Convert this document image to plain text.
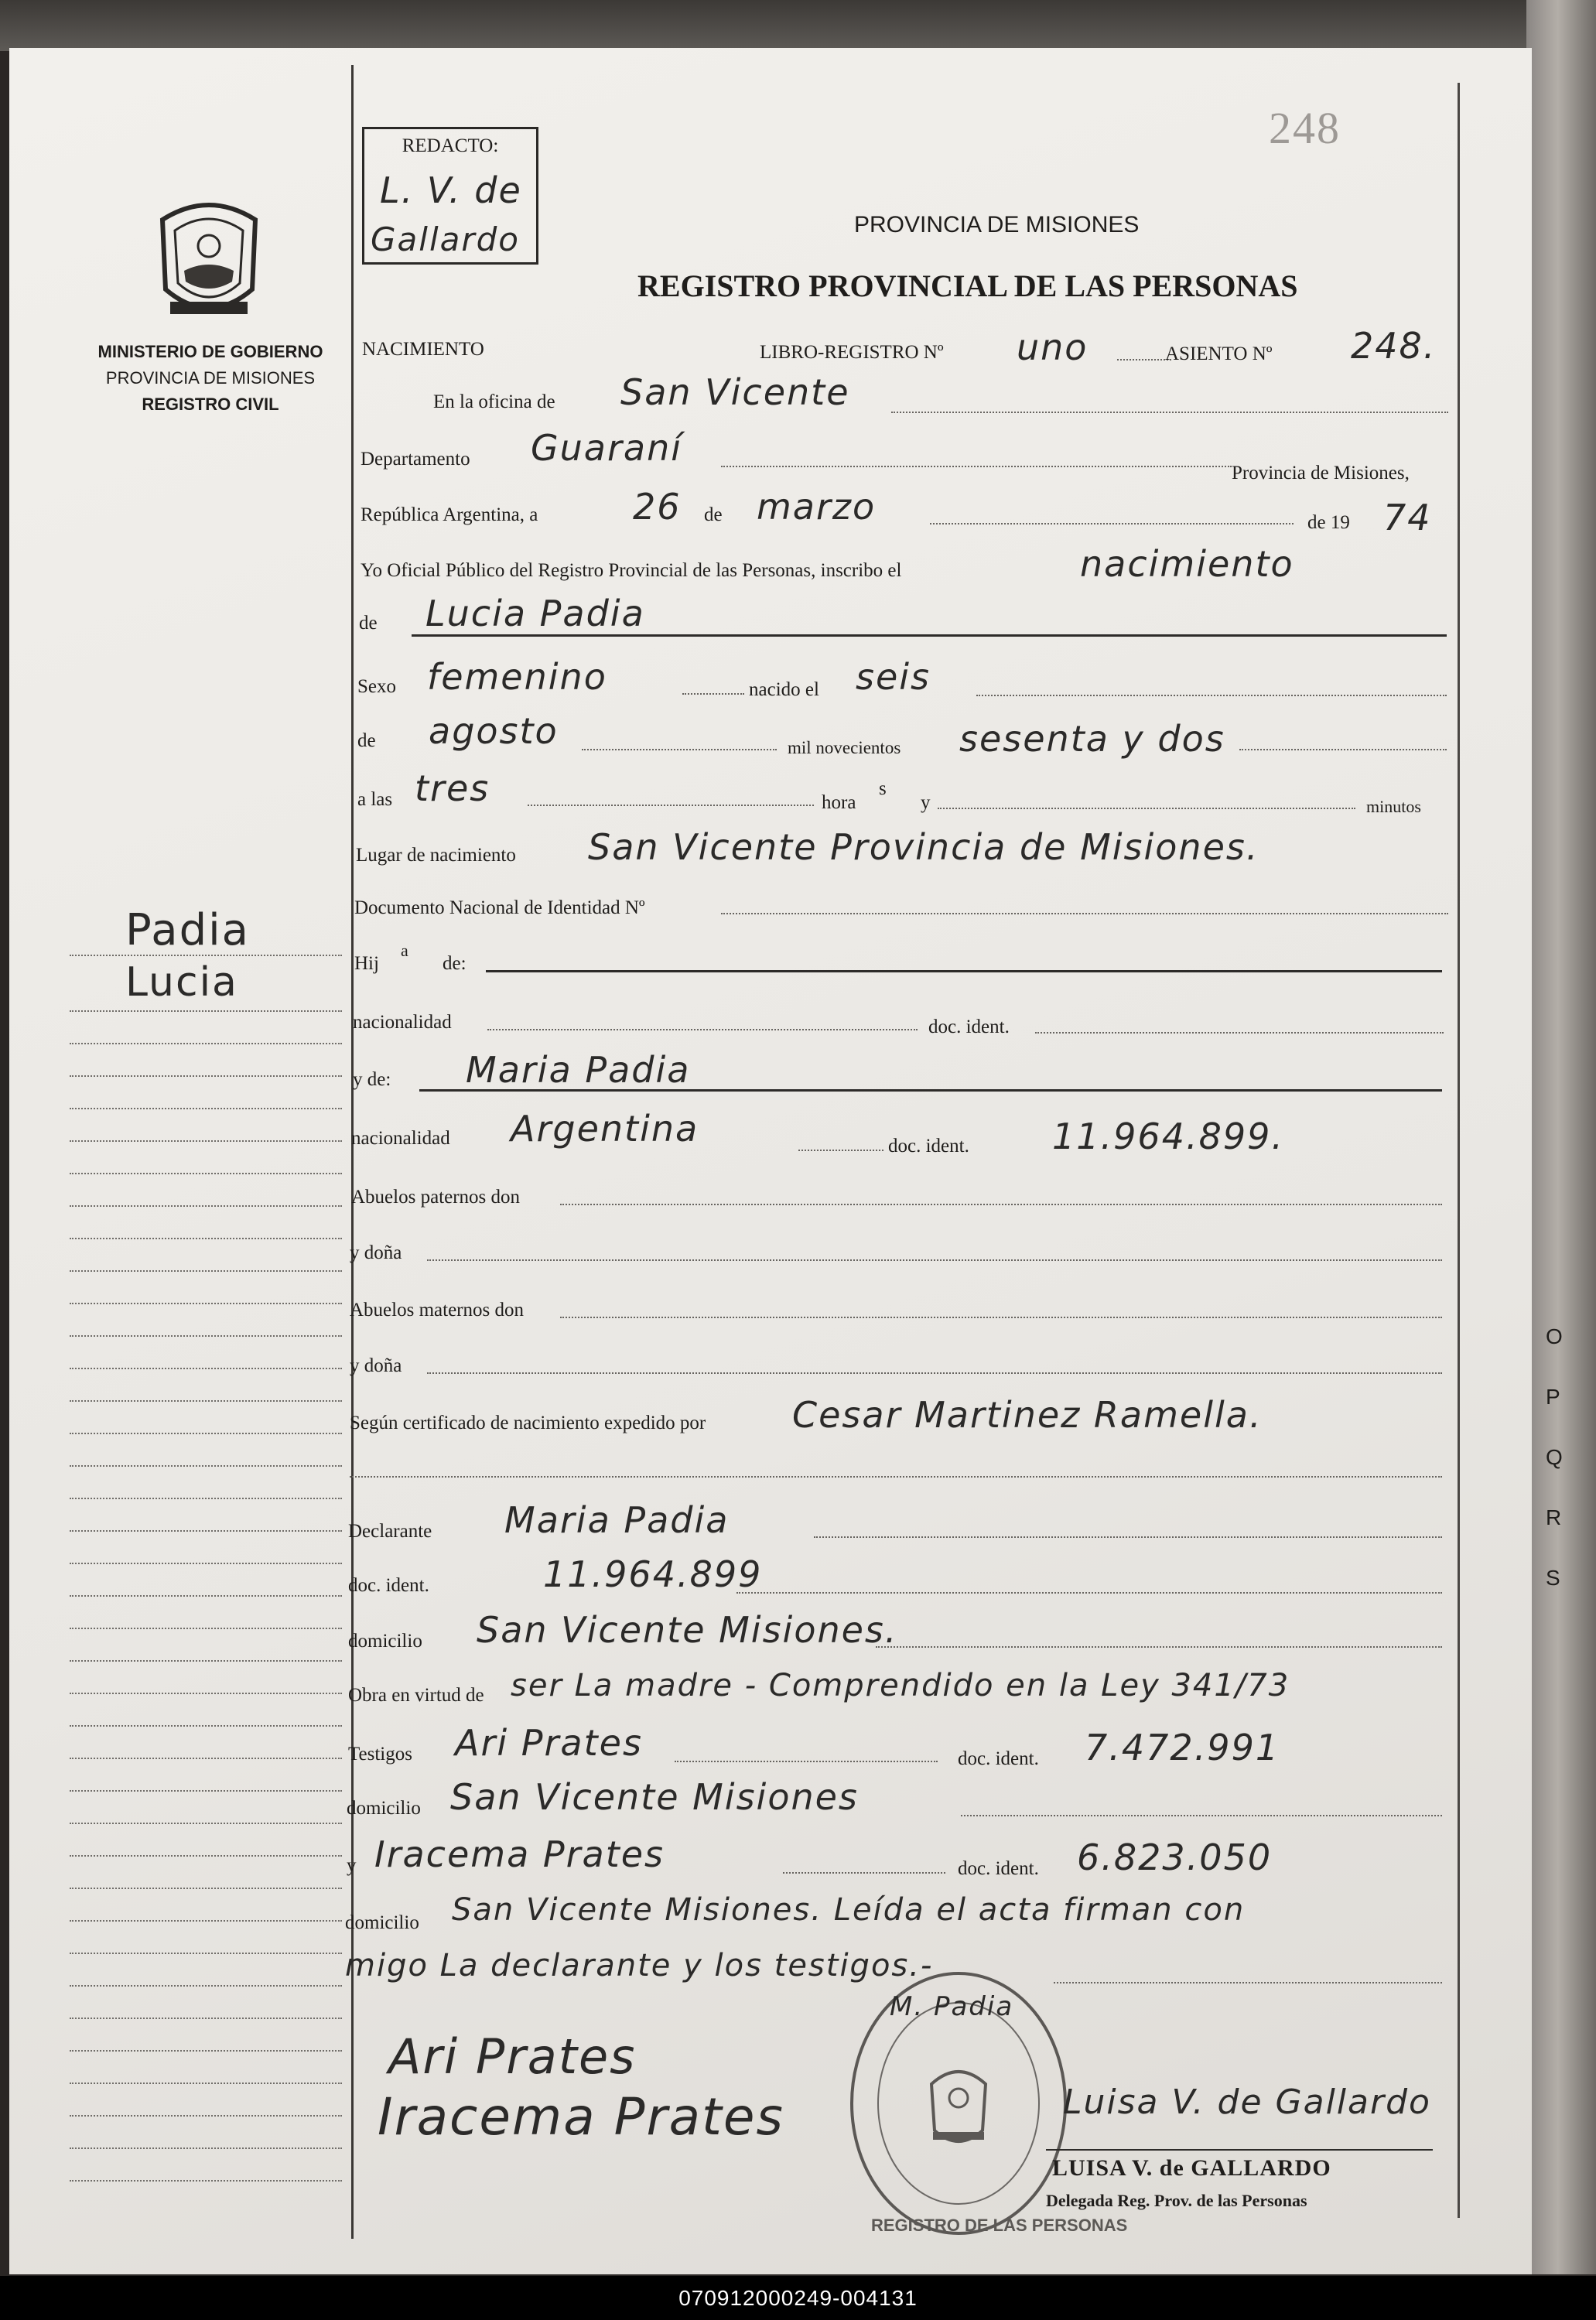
MINISTERIO DE GOBIERNO
PROVINCIA DE MISIONES
REGISTRO CIVIL
Padia
Lucia
REDACTO:
L. V. de
Gallardo
248
PROVINCIA DE MISIONES
REGISTRO PROVINCIAL DE LAS PERSONAS
NACIMIENTO	LIBRO-REGISTRO Nº uno	ASIENTO Nº 248.
En la oficina de San Vicente
Departamento Guaraní
Provincia de Misiones,
República Argentina, a	26 de marzo	de 19 74
Yo Oficial Público del Registro Provincial de las Personas, inscribo el	nacimiento
de Lucia Padia
Sexo femenino	nacido el seis
de agosto	mil novecientos sesenta y dos
a las tres	hora
s
y	minutos
Lugar de nacimiento San Vicente Provincia de Misiones.
Documento Nacional de Identidad Nº
Hij
a
de:
nacionalidad	doc. ident.
y de: Maria Padia
nacionalidad Argentina	doc. ident. 11.964.899.
Abuelos paternos don
y doña
Abuelos maternos don
y doña
Según certificado de nacimiento expedido por Cesar Martinez Ramella.
Declarante Maria Padia
doc. ident.	11.964.899
domicilio San Vicente Misiones.
Obra en virtud de ser La madre - Comprendido en la Ley 341/73
Testigos Ari Prates	doc. ident. 7.472.991
domicilio San Vicente Misiones
y Iracema Prates	doc. ident. 6.823.050
domicilio San Vicente Misiones. Leída el acta firman con
migo La declarante y los testigos.-
REGISTRO DE LAS PERSONAS
Ari Prates
Iracema Prates
M. Padia
Luisa V. de Gallardo
LUISA V. de GALLARDO
Delegada Reg. Prov. de las Personas
O
P
Q
R
S
070912000249-004131
